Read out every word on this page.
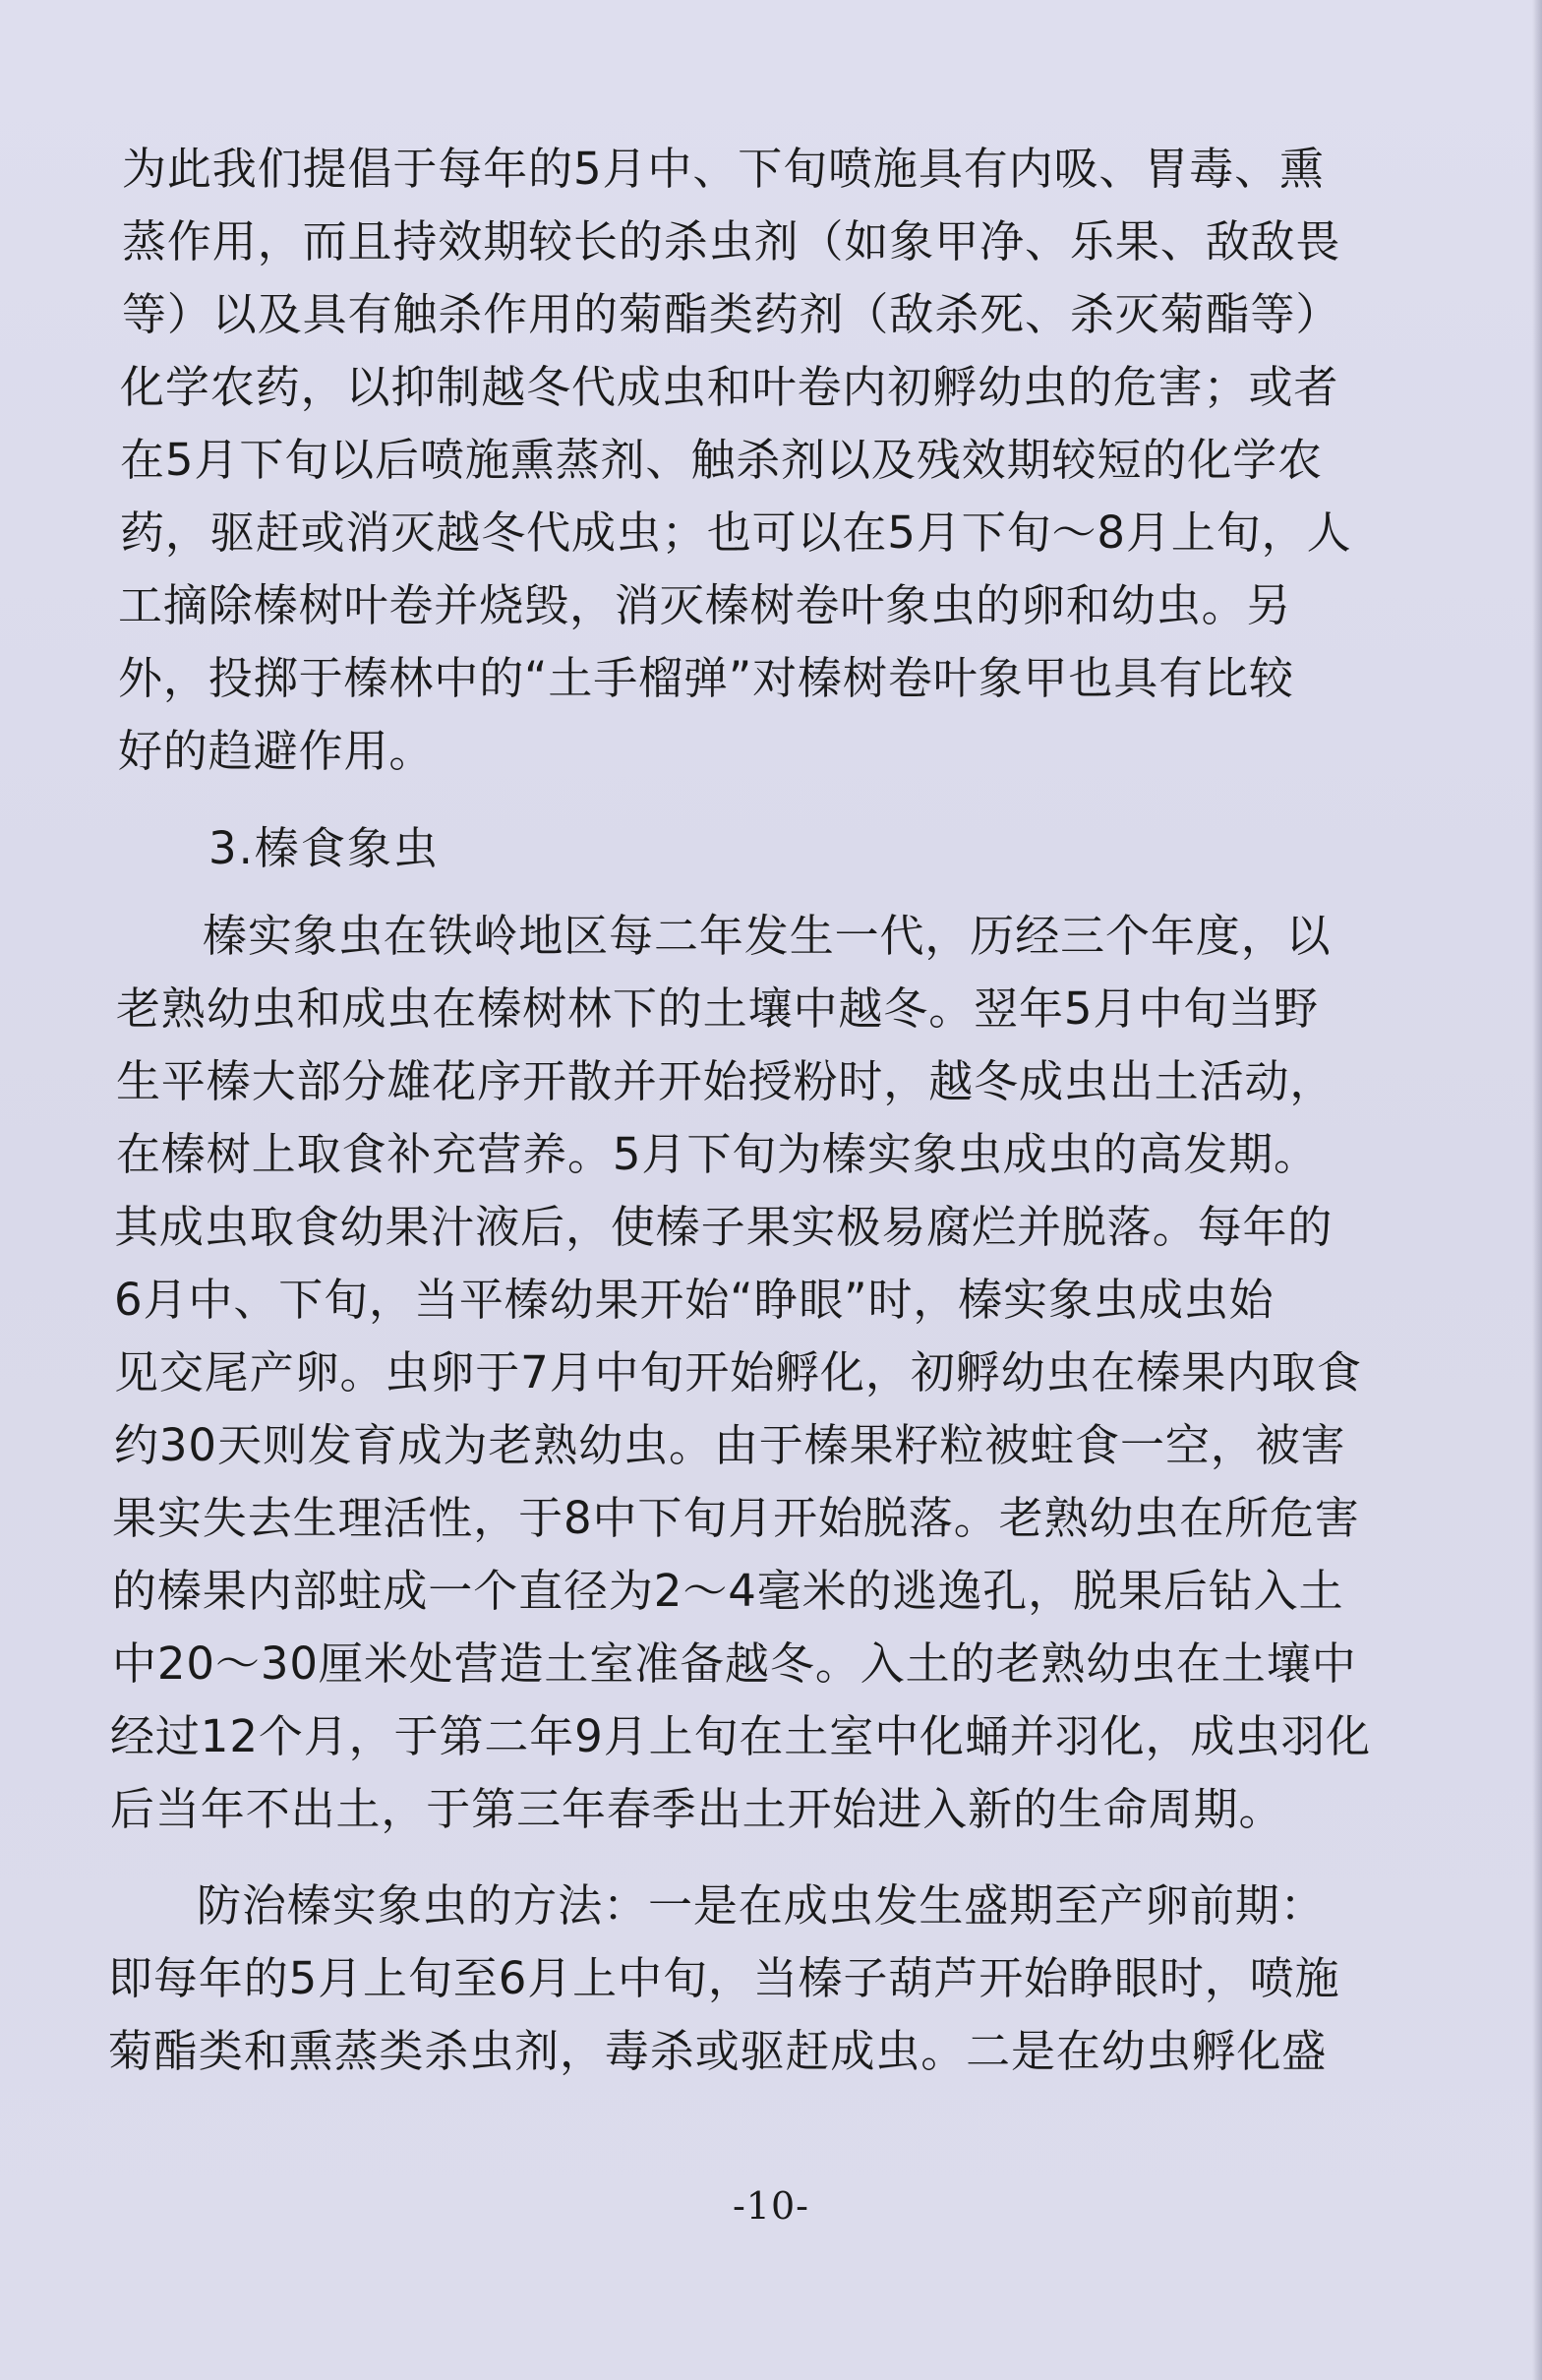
为此我们提倡于每年的5月中、下旬喷施具有内吸、胃毒、熏
蒸作用，而且持效期较长的杀虫剂（如象甲净、乐果、敌敌畏
等）以及具有触杀作用的菊酯类药剂（敌杀死、杀灭菊酯等）
化学农药，以抑制越冬代成虫和叶卷内初孵幼虫的危害；或者
在5月下旬以后喷施熏蒸剂、触杀剂以及残效期较短的化学农
药，驱赶或消灭越冬代成虫；也可以在5月下旬～8月上旬，人
工摘除榛树叶卷并烧毁，消灭榛树卷叶象虫的卵和幼虫。另
外，投掷于榛林中的“土手榴弹”对榛树卷叶象甲也具有比较
好的趋避作用。
3.榛食象虫
榛实象虫在铁岭地区每二年发生一代，历经三个年度，以
老熟幼虫和成虫在榛树林下的土壤中越冬。翌年5月中旬当野
生平榛大部分雄花序开散并开始授粉时，越冬成虫出土活动，
在榛树上取食补充营养。5月下旬为榛实象虫成虫的高发期。
其成虫取食幼果汁液后，使榛子果实极易腐烂并脱落。每年的
6月中、下旬，当平榛幼果开始“睁眼”时，榛实象虫成虫始
见交尾产卵。虫卵于7月中旬开始孵化，初孵幼虫在榛果内取食
约30天则发育成为老熟幼虫。由于榛果籽粒被蛀食一空，被害
果实失去生理活性，于8中下旬月开始脱落。老熟幼虫在所危害
的榛果内部蛀成一个直径为2～4毫米的逃逸孔，脱果后钻入土
中20～30厘米处营造土室准备越冬。入土的老熟幼虫在土壤中
经过12个月，于第二年9月上旬在土室中化蛹并羽化，成虫羽化
后当年不出土，于第三年春季出土开始进入新的生命周期。
防治榛实象虫的方法：一是在成虫发生盛期至产卵前期：
即每年的5月上旬至6月上中旬，当榛子葫芦开始睁眼时，喷施
菊酯类和熏蒸类杀虫剂，毒杀或驱赶成虫。二是在幼虫孵化盛
-10-
